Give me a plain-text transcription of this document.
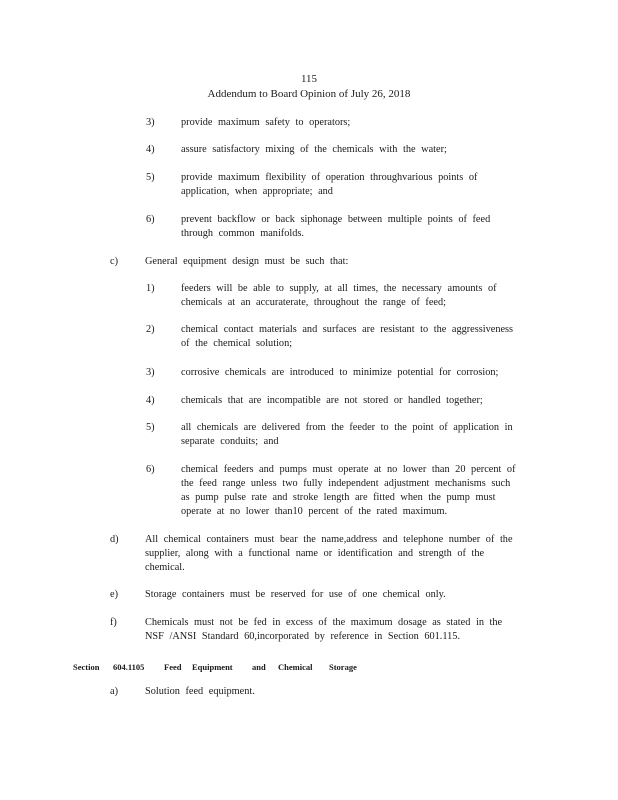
115
Addendum to Board Opinion of July 26, 2018
3)	provide maximum safety to operators;
4)	assure satisfactory mixing of the chemicals with the water;
5)	provide maximum flexibility of operation throughvarious points of
application, when appropriate; and
6)	prevent backflow or back siphonage between multiple points of feed
through common manifolds.
c)	General equipment design must be such that:
1)	feeders will be able to supply, at all times, the necessary amounts of
chemicals at an accuraterate, throughout the range of feed;
2)	chemical contact materials and surfaces are resistant to the aggressiveness
of the chemical solution;
3)	corrosive chemicals are introduced to minimize potential for corrosion;
4)	chemicals that are incompatible are not stored or handled together;
5)	all chemicals are delivered from the feeder to the point of application in
separate conduits; and
6)	chemical feeders and pumps must operate at no lower than 20 percent of
the feed range unless two fully independent adjustment mechanisms such
as pump pulse rate and stroke length are fitted when the pump must
operate at no lower than10 percent of the rated maximum.
d)	All chemical containers must bear the name,address and telephone number of the
supplier, along with a functional name or identification and strength of the
chemical.
e)	Storage containers must be reserved for use of one chemical only.
f)	Chemicals must not be fed in excess of the maximum dosage as stated in the
NSF /ANSI Standard 60,incorporated by reference in Section 601.115.
Section 604.1105 Feed Equipment and Chemical Storage
a)	Solution feed equipment.
